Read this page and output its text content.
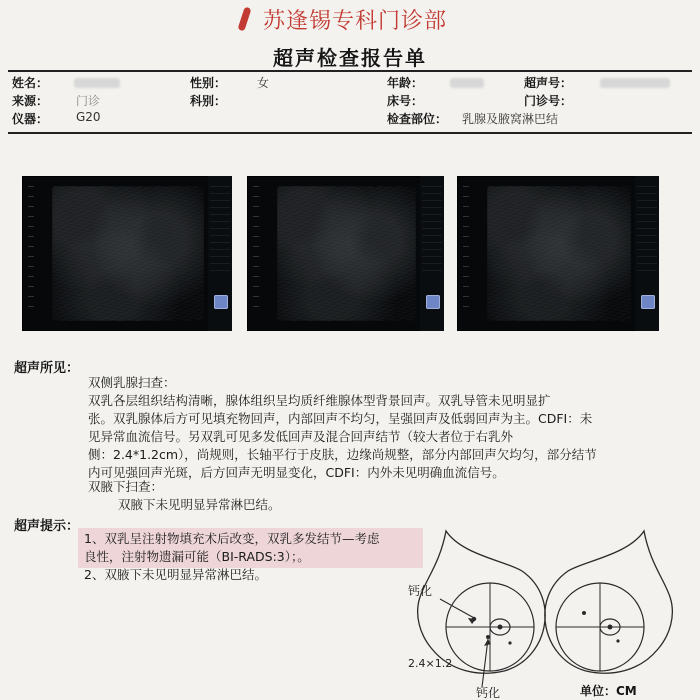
苏逢锡专科门诊部
超声检查报告单
姓名：	性别：	女	年龄：	超声号：
来源： 门诊	科别：	床号：	门诊号：
仪器： G20	检查部位： 乳腺及腋窝淋巴结
超声所见：
双侧乳腺扫查：
双乳各层组织结构清晰，腺体组织呈均质纤维腺体型背景回声。双乳导管未见明显扩
张。双乳腺体后方可见填充物回声，内部回声不均匀，呈强回声及低弱回声为主。CDFI：未
见异常血流信号。另双乳可见多发低回声及混合回声结节（较大者位于右乳外
侧：2.4*1.2cm），尚规则，长轴平行于皮肤，边缘尚规整，部分内部回声欠均匀，部分结节
内可见强回声光斑，后方回声无明显变化，CDFI：内外未见明确血流信号。
双腋下扫查：
双腋下未见明显异常淋巴结。
超声提示：
1、双乳呈注射物填充术后改变，双乳多发结节—考虑
良性，注射物遗漏可能（BI-RADS:3）；。
2、双腋下未见明显异常淋巴结。
钙化
2.4×1.2
钙化	单位：CM
